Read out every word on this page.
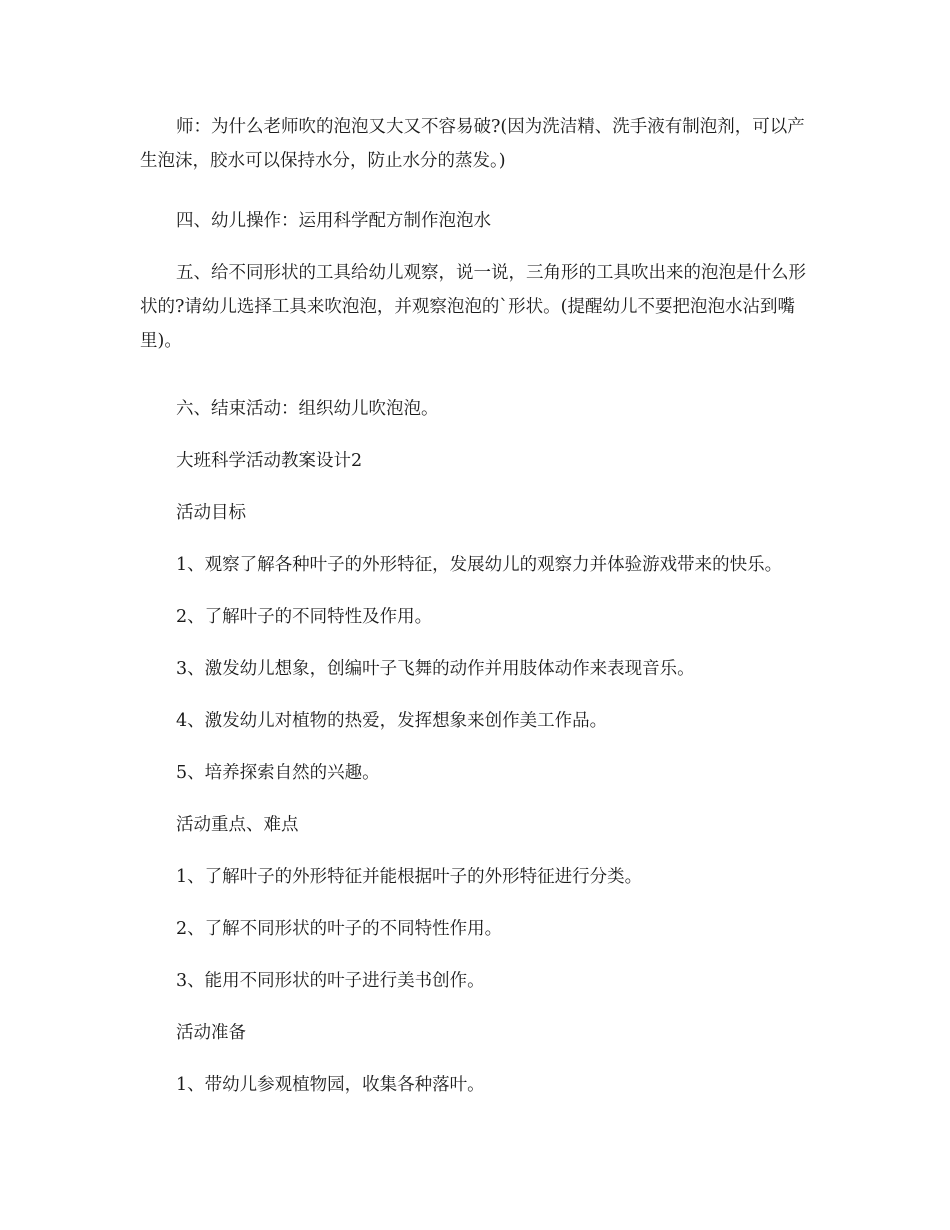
师：为什么老师吹的泡泡又大又不容易破?(因为洗洁精、洗手液有制泡剂，可以产生泡沫，胶水可以保持水分，防止水分的蒸发。)

四、幼儿操作：运用科学配方制作泡泡水

五、给不同形状的工具给幼儿观察，说一说，三角形的工具吹出来的泡泡是什么形状的?请幼儿选择工具来吹泡泡，并观察泡泡的`形状。(提醒幼儿不要把泡泡水沾到嘴里)。

六、结束活动：组织幼儿吹泡泡。

大班科学活动教案设计2

活动目标

1、观察了解各种叶子的外形特征，发展幼儿的观察力并体验游戏带来的快乐。

2、了解叶子的不同特性及作用。

3、激发幼儿想象，创编叶子飞舞的动作并用肢体动作来表现音乐。

4、激发幼儿对植物的热爱，发挥想象来创作美工作品。

5、培养探索自然的兴趣。

活动重点、难点

1、了解叶子的外形特征并能根据叶子的外形特征进行分类。

2、了解不同形状的叶子的不同特性作用。

3、能用不同形状的叶子进行美书创作。

活动准备

1、带幼儿参观植物园，收集各种落叶。
